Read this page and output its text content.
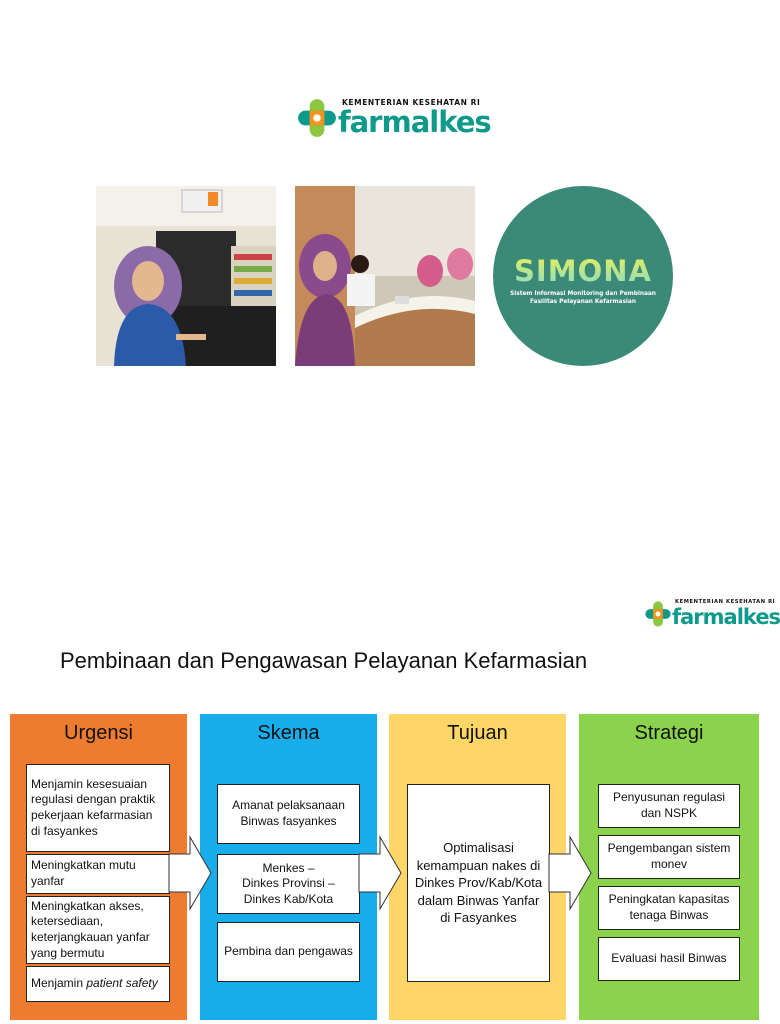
KEMENTERIAN KESEHATAN RI
farmalkes
SIMONA
Sistem Informasi Monitoring dan Pembinaan
Fasilitas Pelayanan Kefarmasian
KEMENTERIAN KESEHATAN RI
farmalkes
Pembinaan dan Pengawasan Pelayanan Kefarmasian
Urgensi
Menjamin kesesuaian regulasi dengan praktik pekerjaan kefarmasian di fasyankes
Meningkatkan mutu yanfar
Meningkatkan akses, ketersediaan, keterjangkauan yanfar yang bermutu
Menjamin patient safety
Skema
Amanat pelaksanaan Binwas fasyankes
Menkes –
Dinkes Provinsi –
Dinkes Kab/Kota
Pembina dan pengawas
Tujuan
Optimalisasi kemampuan nakes di Dinkes Prov/Kab/Kota dalam Binwas Yanfar di Fasyankes
Strategi
Penyusunan regulasi dan NSPK
Pengembangan sistem monev
Peningkatan kapasitas tenaga Binwas
Evaluasi hasil Binwas
